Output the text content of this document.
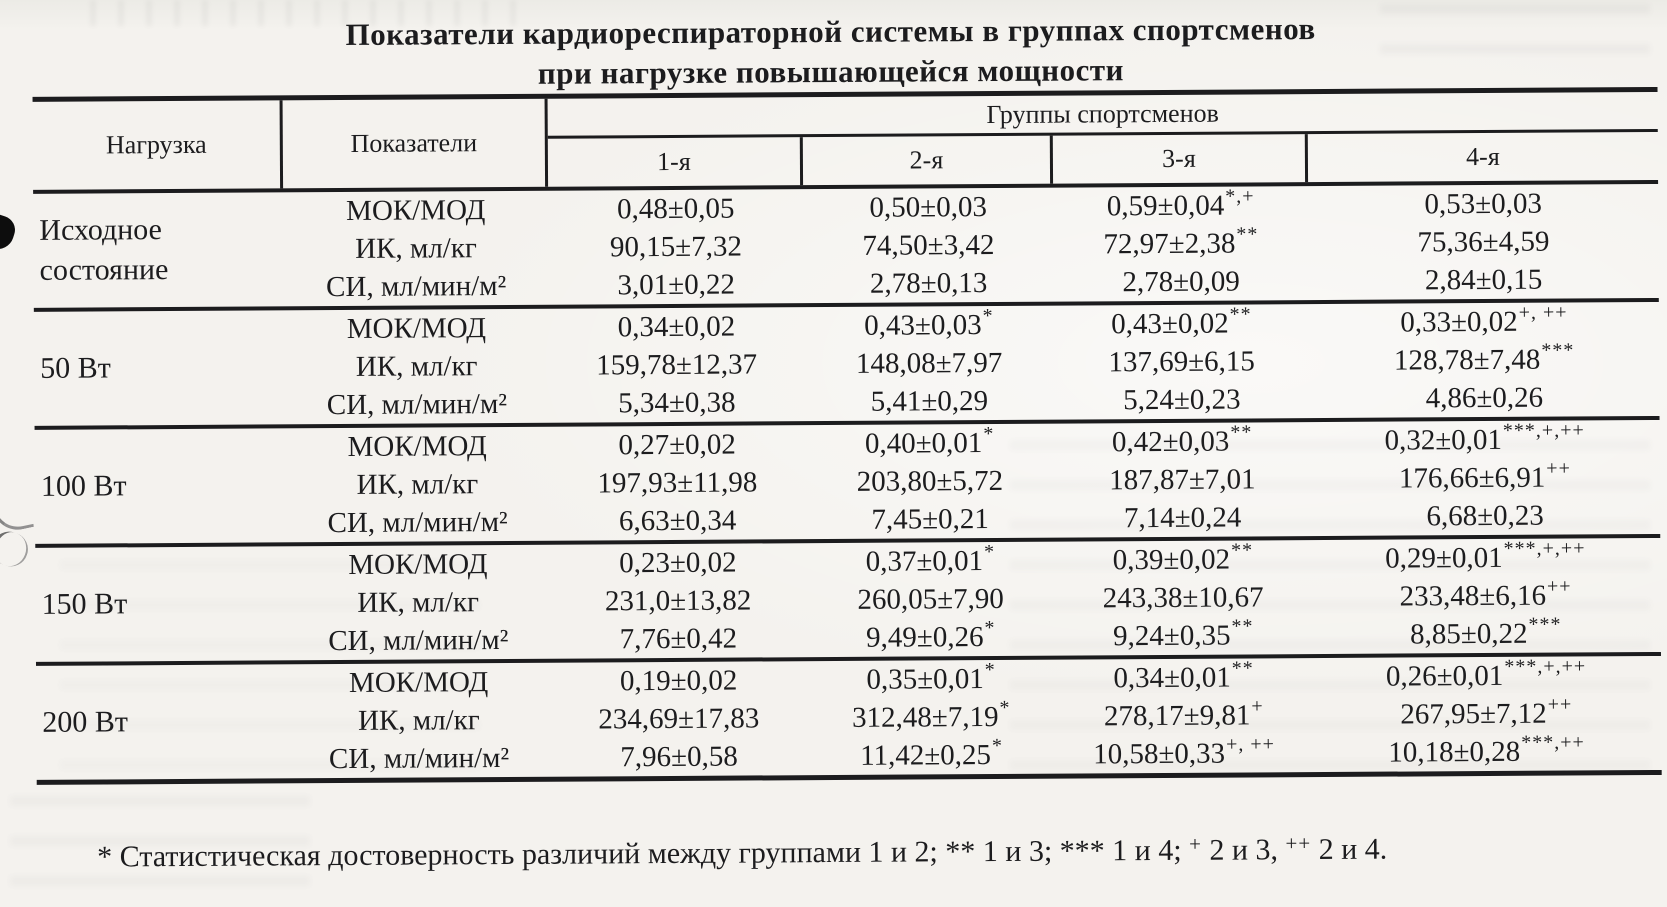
Показатели кардиореспираторной системы в группах спортсменов
при нагрузке повышающейся мощности
Нагрузка	Показатели
Группы спортсменов
1-я	2-я	3-я	4-я
Исходное состояние
МОК/МОД	0,48±0,05	0,50±0,03	0,59±0,04 *,+	0,53±0,03
ИК, мл/кг	90,15±7,32	74,50±3,42	72,97±2,38 **	75,36±4,59
СИ, мл/мин/м²	3,01±0,22	2,78±0,13	2,78±0,09	2,84±0,15
50 Вт
МОК/МОД	0,34±0,02	0,43±0,03 *	0,43±0,02 **	0,33±0,02 +, ++
ИК, мл/кг	159,78±12,37	148,08±7,97	137,69±6,15	128,78±7,48 ***
СИ, мл/мин/м²	5,34±0,38	5,41±0,29	5,24±0,23	4,86±0,26
100 Вт
МОК/МОД	0,27±0,02	0,40±0,01 *	0,42±0,03 **	0,32±0,01 ***,+,++
ИК, мл/кг	197,93±11,98	203,80±5,72	187,87±7,01	176,66±6,91 ++
СИ, мл/мин/м²	6,63±0,34	7,45±0,21	7,14±0,24	6,68±0,23
150 Вт
МОК/МОД	0,23±0,02	0,37±0,01 *	0,39±0,02 **	0,29±0,01 ***,+,++
ИК, мл/кг	231,0±13,82	260,05±7,90	243,38±10,67	233,48±6,16 ++
СИ, мл/мин/м²	7,76±0,42	9,49±0,26 *	9,24±0,35 **	8,85±0,22 ***
200 Вт
МОК/МОД	0,19±0,02	0,35±0,01 *	0,34±0,01 **	0,26±0,01 ***,+,++
ИК, мл/кг	234,69±17,83	312,48±7,19 *	278,17±9,81 +	267,95±7,12 ++
СИ, мл/мин/м²	7,96±0,58	11,42±0,25 *	10,58±0,33 +, ++	10,18±0,28 ***,++
* Статистическая достоверность различий между группами 1 и 2; ** 1 и 3; *** 1 и 4; + 2 и 3, ++ 2 и 4.
